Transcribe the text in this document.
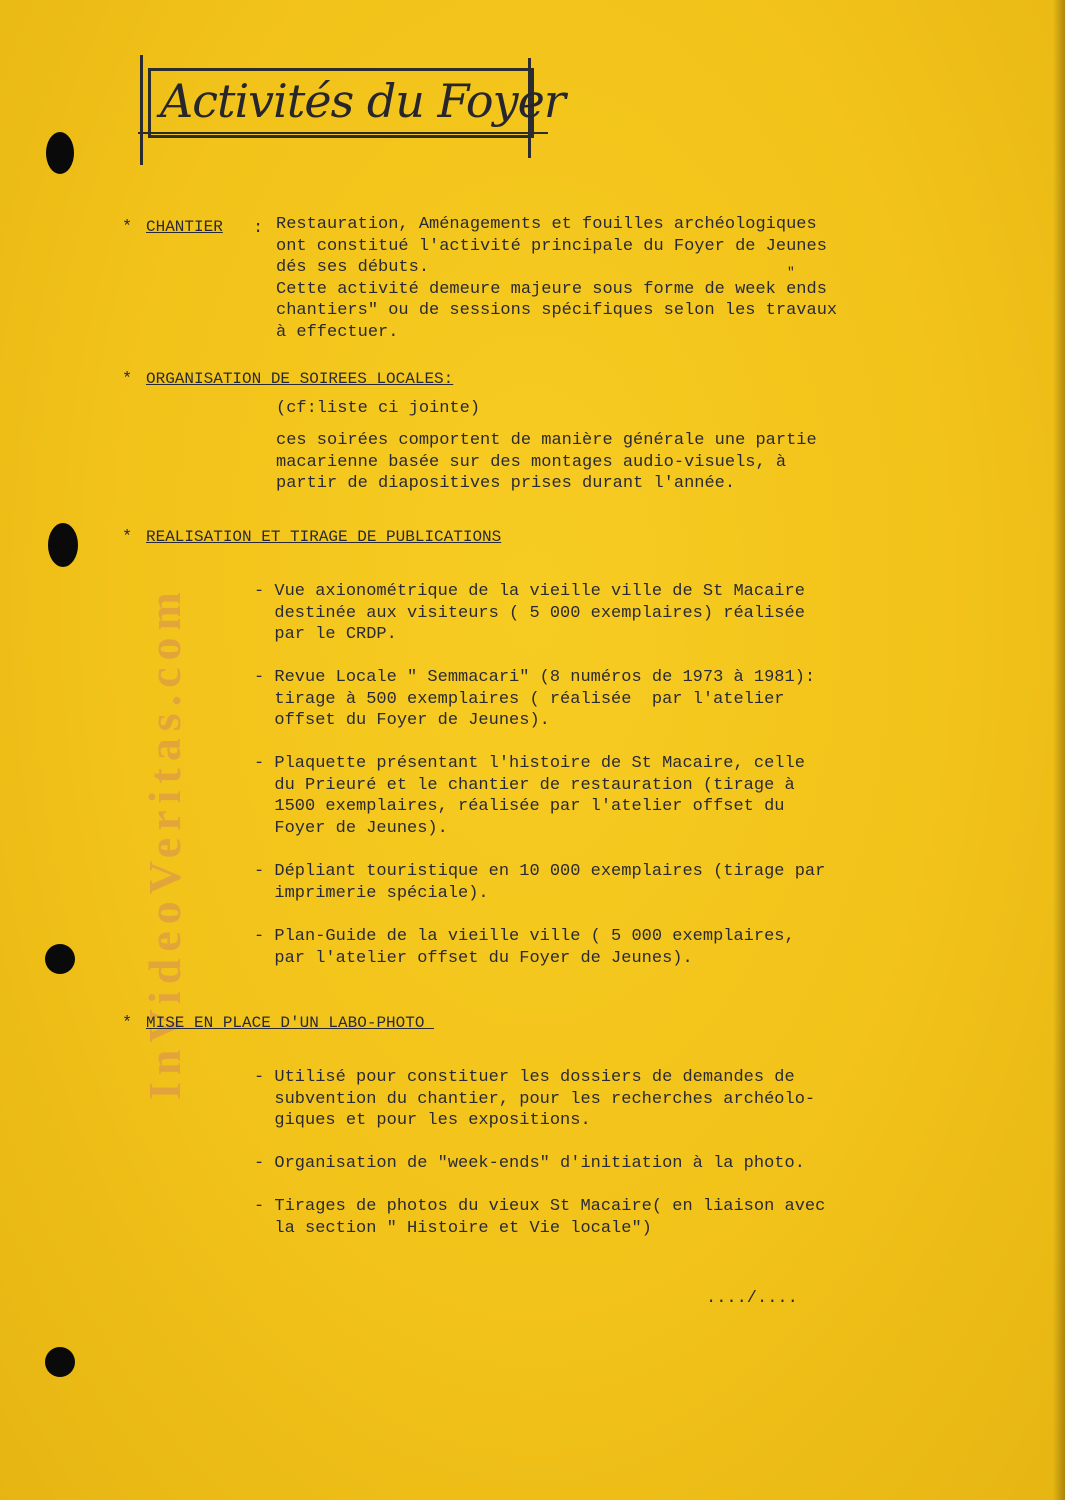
InVideoVeritas.com
Activités du Foyer
* CHANTIER : Restauration, Aménagements et fouilles archéologiques
ont constitué l'activité principale du Foyer de Jeunes
dés ses débuts.
Cette activité demeure majeure sous forme de week ends
chantiers" ou de sessions spécifiques selon les travaux
à effectuer.
"
* ORGANISATION DE SOIREES LOCALES:
(cf:liste ci jointe)
ces soirées comportent de manière générale une partie
macarienne basée sur des montages audio-visuels, à
partir de diapositives prises durant l'année.
* REALISATION ET TIRAGE DE PUBLICATIONS
- Vue axionométrique de la vieille ville de St Macaire
destinée aux visiteurs ( 5 000 exemplaires) réalisée
par le CRDP.
- Revue Locale " Semmacari" (8 numéros de 1973 à 1981):
tirage à 500 exemplaires ( réalisée  par l'atelier
offset du Foyer de Jeunes).
- Plaquette présentant l'histoire de St Macaire, celle
du Prieuré et le chantier de restauration (tirage à
1500 exemplaires, réalisée par l'atelier offset du
Foyer de Jeunes).
- Dépliant touristique en 10 000 exemplaires (tirage par
imprimerie spéciale).
- Plan-Guide de la vieille ville ( 5 000 exemplaires,
par l'atelier offset du Foyer de Jeunes).
* MISE EN PLACE D'UN LABO-PHOTO
- Utilisé pour constituer les dossiers de demandes de
subvention du chantier, pour les recherches archéolo-
giques et pour les expositions.
- Organisation de "week-ends" d'initiation à la photo.
- Tirages de photos du vieux St Macaire( en liaison avec
la section " Histoire et Vie locale")
..../....
